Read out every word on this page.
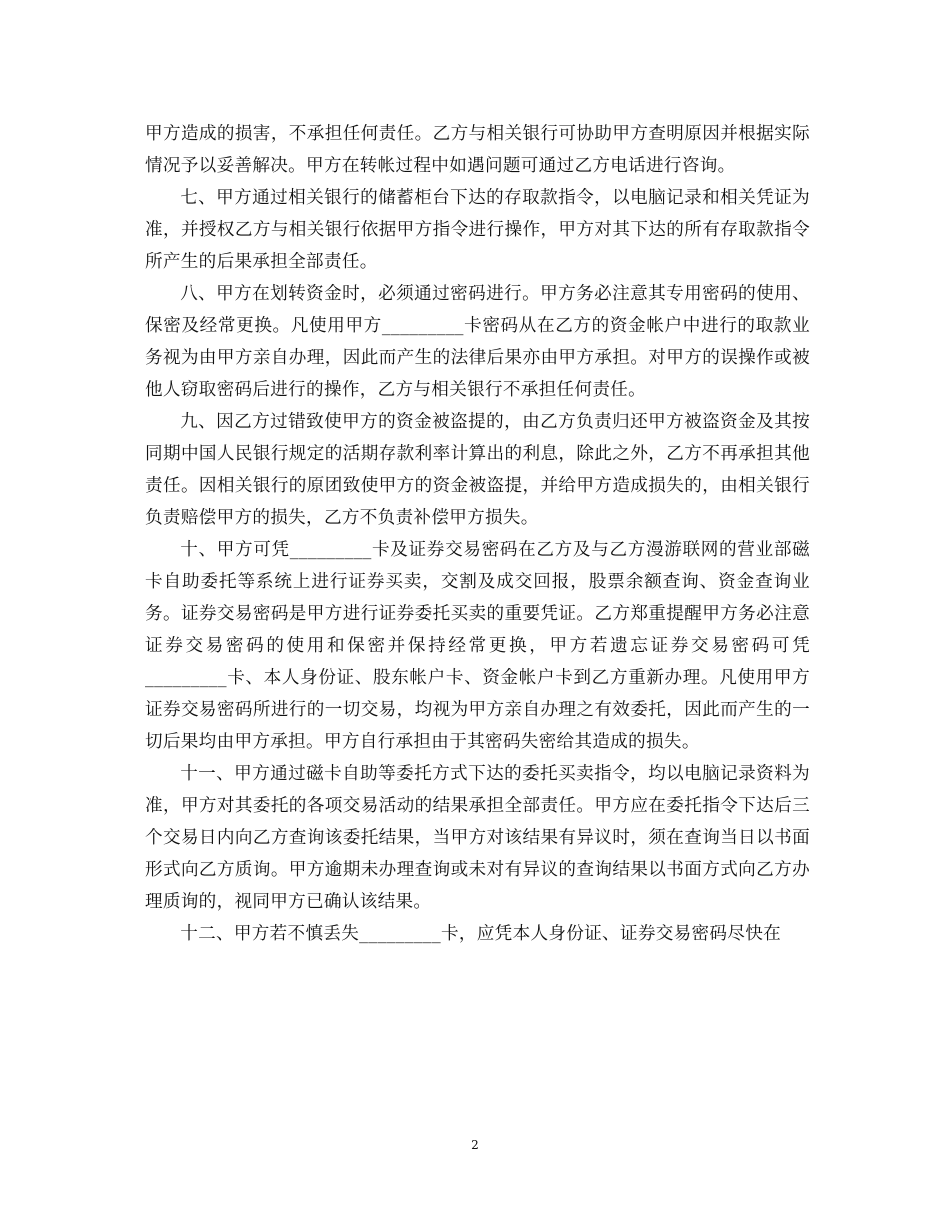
甲方造成的损害，不承担任何责任。乙方与相关银行可协助甲方查明原因并根据实际情况予以妥善解决。甲方在转帐过程中如遇问题可通过乙方电话进行咨询。

七、甲方通过相关银行的储蓄柜台下达的存取款指令，以电脑记录和相关凭证为准，并授权乙方与相关银行依据甲方指令进行操作，甲方对其下达的所有存取款指令所产生的后果承担全部责任。

八、甲方在划转资金时，必须通过密码进行。甲方务必注意其专用密码的使用、保密及经常更换。凡使用甲方_________卡密码从在乙方的资金帐户中进行的取款业务视为由甲方亲自办理，因此而产生的法律后果亦由甲方承担。对甲方的误操作或被他人窃取密码后进行的操作，乙方与相关银行不承担任何责任。

九、因乙方过错致使甲方的资金被盗提的，由乙方负责归还甲方被盗资金及其按同期中国人民银行规定的活期存款利率计算出的利息，除此之外，乙方不再承担其他责任。因相关银行的原团致使甲方的资金被盗提，并给甲方造成损失的，由相关银行负责赔偿甲方的损失，乙方不负责补偿甲方损失。

十、甲方可凭_________卡及证券交易密码在乙方及与乙方漫游联网的营业部磁卡自助委托等系统上进行证券买卖，交割及成交回报，股票余额查询、资金查询业务。证券交易密码是甲方进行证券委托买卖的重要凭证。乙方郑重提醒甲方务必注意证券交易密码的使用和保密并保持经常更换，甲方若遗忘证券交易密码可凭_________卡、本人身份证、股东帐户卡、资金帐户卡到乙方重新办理。凡使用甲方证券交易密码所进行的一切交易，均视为甲方亲自办理之有效委托，因此而产生的一切后果均由甲方承担。甲方自行承担由于其密码失密给其造成的损失。

十一、甲方通过磁卡自助等委托方式下达的委托买卖指令，均以电脑记录资料为准，甲方对其委托的各项交易活动的结果承担全部责任。甲方应在委托指令下达后三个交易日内向乙方查询该委托结果，当甲方对该结果有异议时，须在查询当日以书面形式向乙方质询。甲方逾期未办理查询或未对有异议的查询结果以书面方式向乙方办理质询的，视同甲方已确认该结果。

十二、甲方若不慎丢失_________卡，应凭本人身份证、证券交易密码尽快在

2
